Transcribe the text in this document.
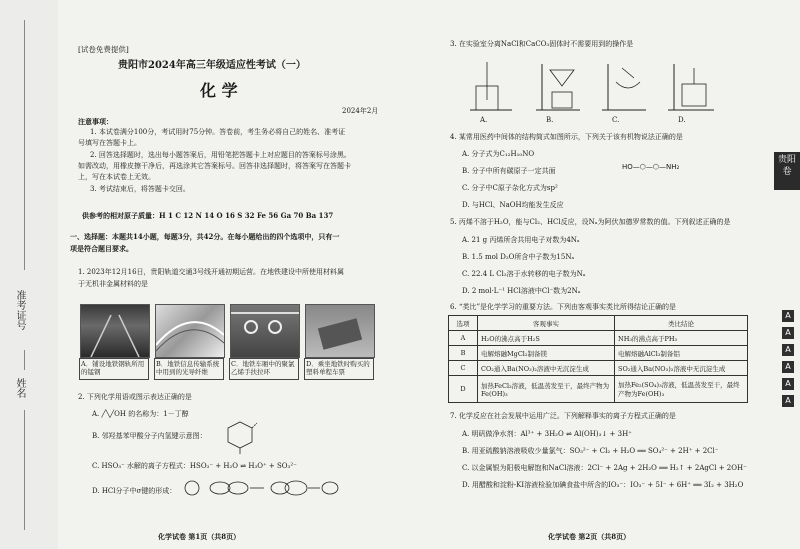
准考证号
姓名
[试卷免费提供]
贵阳市2024年高三年级适应性考试（一）
化 学
2024年2月
注意事项：
1. 本试卷满分100分，考试用时75分钟。答卷前，考生务必将自己的姓名、准考证
号填写在答题卡上。
2. 回答选择题时，选出每小题答案后，用铅笔把答题卡上对应题目的答案标号涂黑。
如需改动，用橡皮擦干净后，再选涂其它答案标号。回答非选择题时，将答案写在答题卡
上，写在本试卷上无效。
3. 考试结束后，将答题卡交回。
供参考的相对原子质量：H 1 C 12 N 14 O 16 S 32 Fe 56 Ga 70 Ba 137
一、选择题：本题共14小题，每题3分，共42分。在每小题给出的四个选项中，只有一
项是符合题目要求。
1. 2023年12月16日，贵阳轨道交通3号线开通初期运营。在地铁建设中所使用材料属
于无机非金属材料的是
A．铺设地铁钢轨所用的锰钢
B．地铁信息传输系统中用到的光导纤维
C．地铁车厢中的聚氯乙烯手扶拉环
D．乘坐地铁时购买的塑料单程车票
2. 下列化学用语或图示表达正确的是
A. ╱╲╱OH 的名称为：1－丁醇
B. 邻羟基苯甲酸分子内氢键示意图：
C. HSO₃⁻ 水解的离子方程式：HSO₃⁻ + H₂O ⇌ H₃O⁺ + SO₃²⁻
D. HCl分子中σ键的形成：
化学试卷 第1页（共8页）
3. 在实验室分离NaCl和CaCO₃固体时不需要用到的操作是
A.	B.	C.	D.
4. 某常用医药中间体的结构简式如图所示，下列关于该有机物说法正确的是
A. 分子式为C₁₂H₁₀NO
HO—⬡—⬡—NH₂
B. 分子中所有碳原子一定共面
C. 分子中C原子杂化方式为sp²
D. 与HCl、NaOH均能发生反应
5. 丙烯不溶于H₂O，能与Cl₂、HCl反应，设Nₐ为阿伏加德罗常数的值。下列叙述正确的是
A. 21 g 丙烯所含共用电子对数为4Nₐ
B. 1.5 mol D₂O所含中子数为15Nₐ
C. 22.4 L Cl₂溶于水转移的电子数为Nₐ
D. 2 mol·L⁻¹ HCl溶液中Cl⁻数为2Nₐ
6. “类比”是化学学习的重要方法。下列由客观事实类比所得结论正确的是
选项	客观事实	类比结论
A	H₂O的沸点高于H₂S	NH₃的沸点高于PH₃
B	电解熔融MgCl₂制备镁	电解熔融AlCl₃制备铝
C	CO₂通入Ba(NO₃)₂溶液中无沉淀生成	SO₂通入Ba(NO₃)₂溶液中无沉淀生成
D	加热FeCl₃溶液，低温蒸发至干，最终产物为Fe(OH)₃	加热Fe₂(SO₄)₃溶液，低温蒸发至干，最终产物为Fe(OH)₃
7. 化学反应在社会发展中运用广泛。下列解释事实的离子方程式正确的是
A. 明矾做净水剂：Al³⁺ + 3H₂O ⇌ Al(OH)₃↓ + 3H⁺
B. 用亚硫酸钠溶液吸收少量氯气：SO₃²⁻ + Cl₂ + H₂O ══ SO₄²⁻ + 2H⁺ + 2Cl⁻
C. 以金属银为阳极电解饱和NaCl溶液：2Cl⁻ + 2Ag + 2H₂O ══ H₂↑ + 2AgCl + 2OH⁻
D. 用醋酸和淀粉-KI溶液检验加碘食盐中所含的IO₃⁻：IO₃⁻ + 5I⁻ + 6H⁺ ══ 3I₂ + 3H₂O
化学试卷 第2页（共8页）
贵阳
卷
A
A
A
A
A
A
